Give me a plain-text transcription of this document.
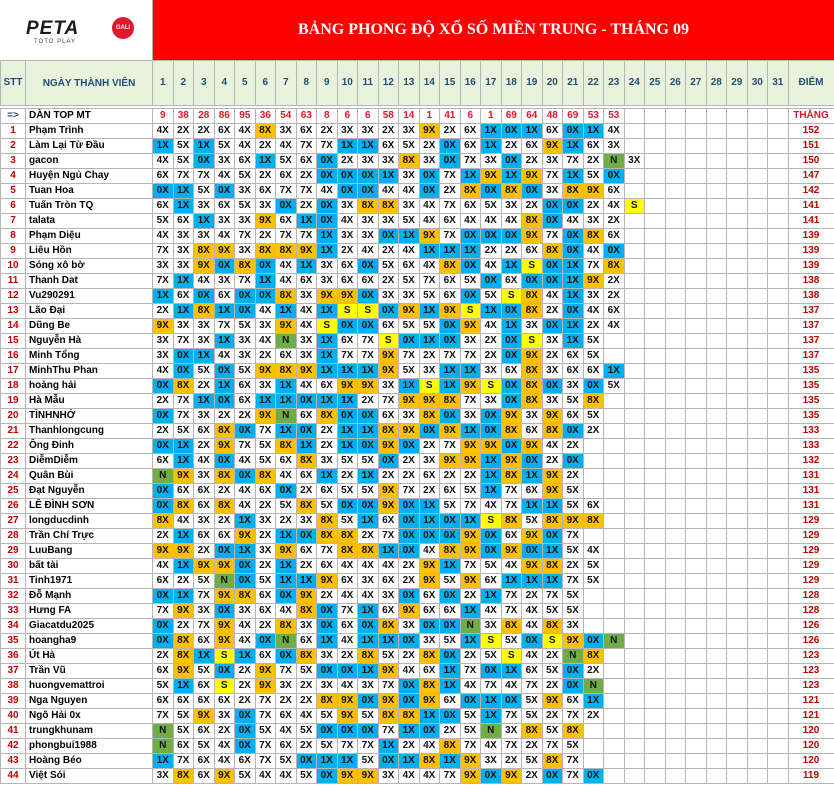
PETA	GALI
TOTO PLAY
BẢNG PHONG ĐỘ XỔ SỐ MIỀN TRUNG - THÁNG 09
STT	NGÀY THÀNH VIÊN	1	2	3	4	5	6	7	8	9	10	11	12	13	14	15	16	17	18	19	20	21	22	23	24	25	26	27	28	29	30	31	ĐIỂM

=>	DÀN TOP MT	9	38	28	86	95	36	54	63	8	6	6	58	14	1	41	6	1	69	64	48	69	53	53									THẮNG
1	Phạm Trình	4X	2X	2X	6X	4X	8X	3X	6X	2X	3X	3X	2X	3X	9X	2X	6X	1X	0X	1X	6X	0X	1X	4X									152
2	Làm Lại Từ Đầu	1X	5X	1X	5X	4X	2X	4X	7X	7X	1X	1X	6X	5X	2X	0X	6X	1X	2X	6X	9X	1X	6X	3X									151
3	gacon	4X	5X	0X	3X	6X	1X	5X	6X	0X	2X	3X	3X	8X	3X	0X	7X	3X	0X	2X	3X	7X	2X	N	3X								150
4	Huyện Ngủ Chay	6X	7X	7X	4X	5X	2X	6X	2X	0X	0X	0X	1X	3X	0X	7X	1X	9X	1X	9X	7X	1X	5X	0X									147
5	Tuan Hoa	0X	1X	5X	0X	3X	6X	7X	7X	4X	0X	0X	4X	4X	0X	2X	8X	0X	8X	0X	3X	8X	9X	6X									142
6	Tuấn Tròn TQ	6X	1X	3X	6X	5X	3X	0X	2X	0X	3X	8X	8X	3X	4X	7X	6X	5X	3X	2X	0X	0X	2X	4X	S								141
7	talata	5X	6X	1X	3X	3X	9X	6X	1X	0X	4X	3X	3X	5X	4X	6X	4X	4X	4X	8X	0X	4X	3X	2X									141
8	Phạm Diệu	4X	3X	3X	4X	7X	2X	7X	7X	1X	3X	3X	0X	1X	9X	7X	0X	0X	0X	9X	7X	0X	8X	6X									139
9	Liêu Hồn	7X	3X	8X	9X	3X	8X	8X	9X	1X	2X	4X	2X	4X	1X	1X	1X	2X	2X	6X	8X	0X	4X	0X									139
10	Sóng xô bờ	3X	3X	9X	0X	8X	0X	4X	1X	3X	6X	0X	5X	6X	4X	8X	0X	4X	1X	S	0X	1X	7X	8X									139
11	Thanh Dat	7X	1X	4X	3X	7X	1X	4X	6X	3X	6X	6X	2X	5X	7X	6X	5X	0X	6X	0X	0X	1X	9X	2X									138
12	Vu290291	1X	6X	0X	6X	0X	0X	8X	3X	9X	9X	0X	3X	3X	5X	6X	0X	5X	S	8X	4X	1X	3X	2X									138
13	Lão Đại	2X	1X	8X	1X	0X	4X	1X	4X	1X	S	S	0X	9X	1X	9X	S	1X	0X	8X	2X	0X	4X	6X									137
14	Dũng Be	9X	3X	3X	7X	5X	3X	9X	4X	S	0X	0X	6X	5X	5X	0X	9X	4X	1X	3X	0X	1X	2X	4X									137
15	Nguyễn Hà	3X	7X	3X	1X	3X	4X	N	3X	1X	6X	7X	S	0X	1X	0X	3X	2X	0X	S	3X	1X	5X										137
16	Minh Tổng	3X	0X	1X	4X	3X	2X	6X	3X	1X	7X	7X	9X	7X	2X	7X	7X	2X	0X	9X	2X	6X	5X										137
17	MinhThu Phan	4X	0X	5X	0X	5X	9X	8X	9X	1X	1X	1X	9X	5X	3X	1X	1X	3X	6X	8X	3X	6X	6X	1X									135
18	hoàng hải	0X	8X	2X	1X	6X	3X	1X	4X	6X	9X	9X	3X	1X	S	1X	9X	S	0X	8X	0X	3X	0X	5X									135
19	Hà Mẫu	2X	7X	1X	0X	6X	1X	1X	0X	1X	1X	2X	7X	9X	9X	8X	7X	3X	0X	8X	3X	5X	8X										135
20	TÌNHNHỚ	0X	7X	3X	2X	2X	9X	N	6X	8X	0X	0X	6X	3X	8X	0X	3X	0X	9X	3X	9X	6X	5X										135
21	Thanhlongcung	2X	5X	6X	8X	0X	7X	1X	0X	2X	1X	1X	8X	9X	0X	9X	1X	0X	8X	6X	8X	0X	2X										133
22	Ông Đinh	0X	1X	2X	9X	7X	5X	8X	1X	2X	1X	0X	9X	0X	2X	7X	9X	9X	0X	9X	4X	2X											133
23	DiễmDiễm	6X	1X	4X	0X	4X	5X	6X	8X	3X	5X	5X	0X	2X	3X	9X	9X	1X	9X	0X	2X	0X											132
24	Quân Bùi	N	9X	3X	8X	0X	8X	4X	6X	1X	2X	1X	2X	2X	6X	2X	2X	1X	8X	1X	9X	2X											131
25	Đạt Nguyễn	0X	6X	6X	2X	4X	6X	0X	2X	6X	5X	5X	9X	7X	2X	6X	5X	1X	7X	6X	9X	5X											131
26	LÊ ĐÌNH SƠN	0X	8X	6X	8X	4X	2X	5X	8X	5X	0X	0X	9X	0X	1X	5X	7X	4X	7X	1X	1X	5X	6X										131
27	longducdinh	8X	4X	3X	2X	1X	3X	2X	3X	8X	5X	1X	6X	0X	1X	0X	1X	S	8X	5X	8X	9X	8X										129
28	Trần Chí Trực	2X	1X	6X	6X	9X	2X	1X	0X	8X	8X	2X	7X	0X	0X	0X	9X	0X	6X	9X	0X	7X											129
29	LuuBang	9X	9X	2X	0X	1X	3X	9X	6X	7X	8X	8X	1X	0X	4X	8X	9X	0X	9X	0X	1X	5X	4X										129
30	bất tài	4X	1X	9X	9X	0X	2X	1X	2X	6X	4X	4X	4X	2X	9X	1X	7X	5X	4X	9X	8X	2X	5X										129
31	Tinh1971	6X	2X	5X	N	0X	5X	1X	1X	9X	6X	3X	6X	2X	9X	5X	9X	6X	1X	1X	1X	7X	5X										129
32	Đỗ Mạnh	0X	1X	7X	9X	8X	6X	0X	9X	2X	4X	4X	3X	0X	6X	0X	2X	1X	7X	2X	7X	5X											128
33	Hưng FA	7X	9X	3X	0X	3X	6X	4X	8X	0X	7X	1X	6X	9X	6X	6X	1X	4X	7X	4X	5X	5X											128
34	Giacatdu2025	0X	2X	7X	9X	4X	2X	8X	3X	0X	6X	0X	8X	3X	0X	0X	N	3X	8X	4X	8X	3X											126
35	hoangha9	0X	8X	6X	9X	4X	0X	N	6X	1X	4X	1X	1X	0X	3X	5X	1X	S	5X	0X	S	9X	0X	N									126
36	Út Hà	2X	8X	1X	S	1X	6X	0X	8X	3X	2X	8X	5X	2X	8X	0X	2X	5X	S	4X	2X	N	8X										123
37	Trần Vũ	6X	9X	5X	0X	2X	9X	7X	5X	0X	0X	1X	9X	4X	6X	1X	7X	0X	1X	6X	5X	0X	2X										123
38	huongvemattroi	5X	1X	6X	S	2X	9X	3X	2X	3X	4X	3X	7X	0X	8X	1X	4X	7X	4X	7X	2X	0X	N										123
39	Nga Nguyen	6X	6X	6X	6X	2X	7X	2X	2X	8X	9X	0X	9X	0X	9X	6X	0X	1X	0X	5X	9X	6X	1X										121
40	Ngô Hải 0x	7X	5X	9X	3X	0X	7X	6X	4X	5X	9X	5X	8X	8X	1X	0X	5X	1X	7X	5X	2X	7X	2X										121
41	trungkhunam	N	5X	6X	2X	0X	5X	4X	5X	0X	0X	0X	7X	1X	0X	2X	5X	N	3X	8X	5X	8X											120
42	phongbui1988	N	6X	5X	4X	0X	7X	6X	2X	5X	7X	7X	1X	2X	4X	8X	7X	4X	7X	2X	7X	5X											120
43	Hoàng Béo	1X	7X	6X	4X	6X	7X	5X	0X	1X	1X	5X	0X	1X	8X	1X	9X	3X	2X	5X	8X	7X											120
44	Việt Sói	3X	8X	6X	9X	5X	4X	4X	5X	0X	9X	9X	3X	4X	4X	7X	9X	0X	9X	2X	0X	7X	0X										119
